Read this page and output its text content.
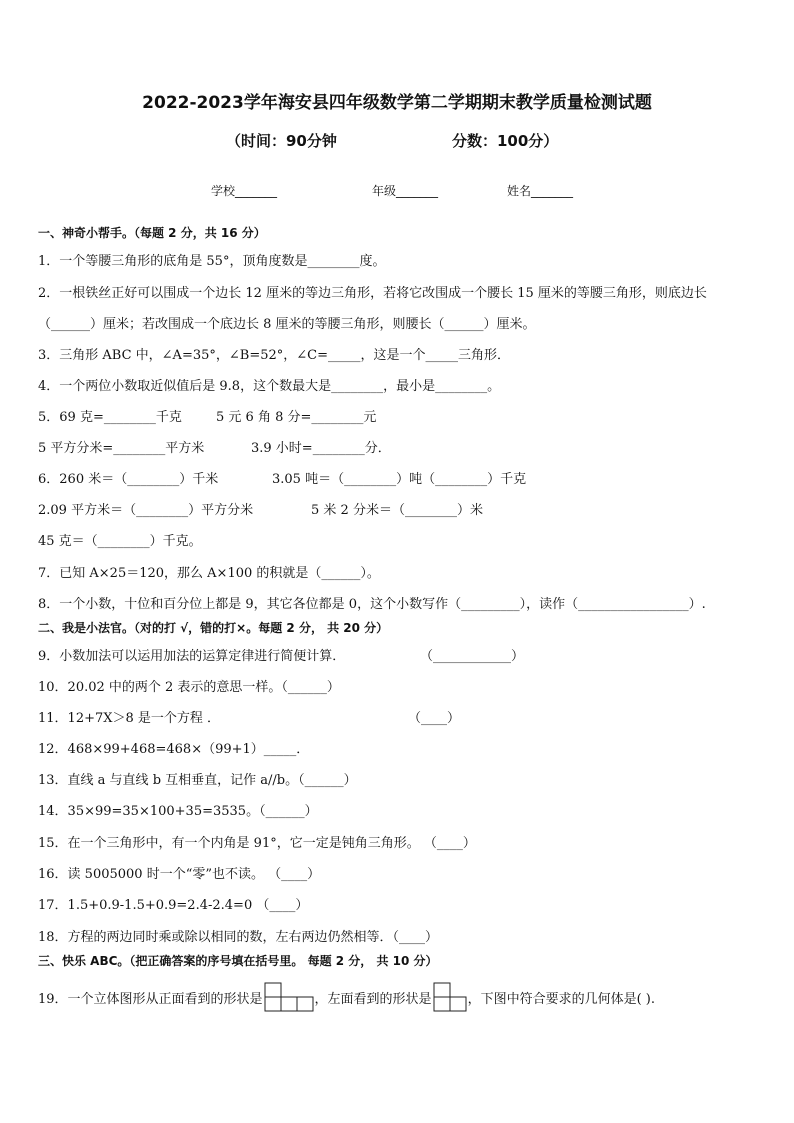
2022-2023学年海安县四年级数学第二学期期末教学质量检测试题
（时间：90分钟	分数：100分）
学校_______	年级_______	姓名_______
一、神奇小帮手。（每题 2 分，共 16 分）
1．一个等腰三角形的底角是 55°，顶角度数是________度。
2．一根铁丝正好可以围成一个边长 12 厘米的等边三角形，若将它改围成一个腰长 15 厘米的等腰三角形，则底边长
（______）厘米；若改围成一个底边长 8 厘米的等腰三角形，则腰长（______）厘米。
3．三角形 ABC 中，∠A=35°，∠B=52°，∠C=_____，这是一个_____三角形．
4．一个两位小数取近似值后是 9.8，这个数最大是________，最小是________。
5．69 克=________千克	5 元 6 角 8 分=________元
5 平方分米=________平方米	3.9 小时=________分．
6．260 米＝（________）千米	3.05 吨＝（________）吨（________）千克
2.09 平方米＝（________）平方分米	5 米 2 分米＝（________）米
45 克＝（________）千克。
7．已知 A×25＝120，那么 A×100 的积就是（______）。
8．一个小数，十位和百分位上都是 9，其它各位都是 0，这个小数写作（_________），读作（_________________）.
二、我是小法官。（对的打 √，错的打×。每题 2 分， 共 20 分）
9．小数加法可以运用加法的运算定律进行简便计算．	（____________）
10．20.02 中的两个 2 表示的意思一样。（______）
11．12+7X＞8 是一个方程 ．	（____）
12．468×99+468=468×（99+1）_____．
13．直线 a 与直线 b 互相垂直，记作 a//b。（______）
14．35×99=35×100+35=3535。（______）
15．在一个三角形中，有一个内角是 91°，它一定是钝角三角形。 （____）
16．读 5005000 时一个“零”也不读。 （____）
17．1.5+0.9-1.5+0.9=2.4-2.4=0 （____）
18．方程的两边同时乘或除以相同的数，左右两边仍然相等．（____）
三、快乐 ABC。（把正确答案的序号填在括号里。 每题 2 分， 共 10 分）
19．一个立体图形从正面看到的形状是	，左面看到的形状是	，下图中符合要求的几何体是( ).
